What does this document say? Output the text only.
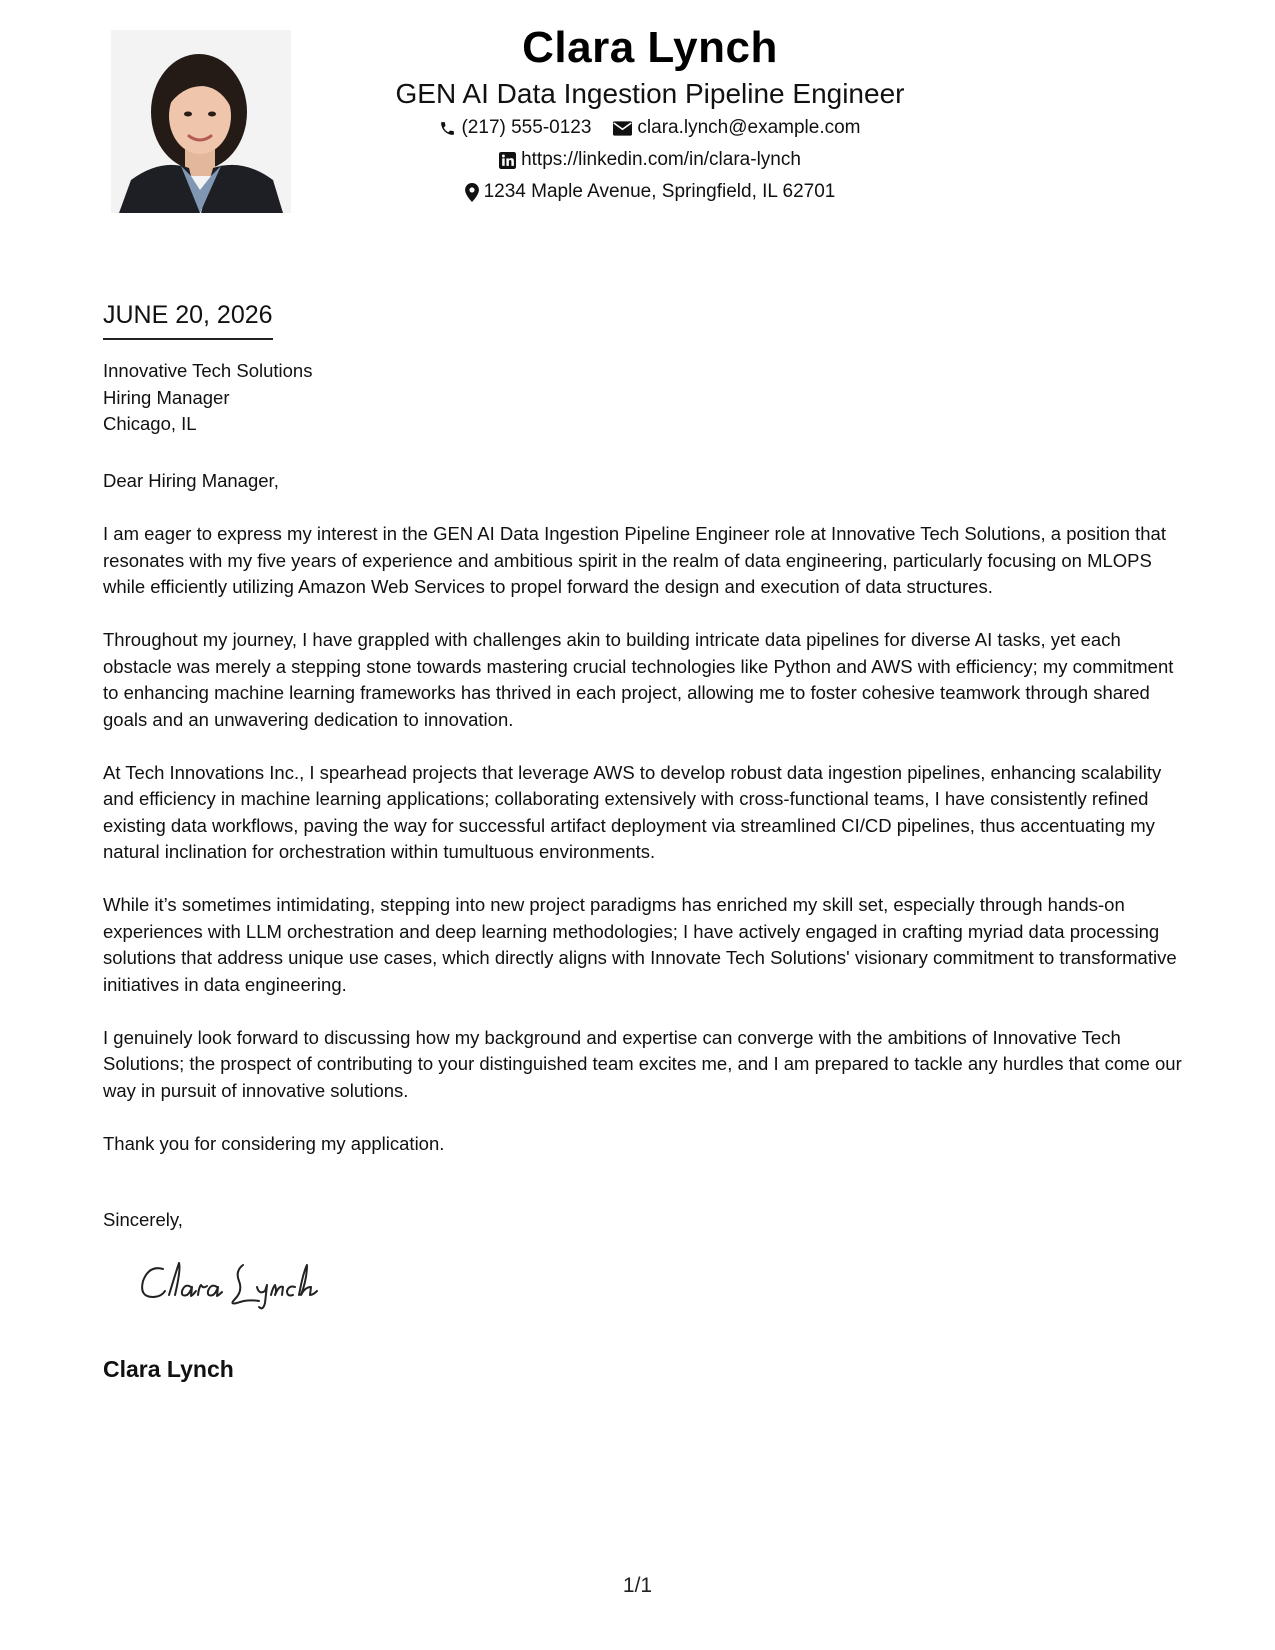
Clara Lynch
GEN AI Data Ingestion Pipeline Engineer
(217) 555-0123 clara.lynch@example.com
https://linkedin.com/in/clara-lynch
1234 Maple Avenue, Springfield, IL 62701
JUNE 20, 2026
Innovative Tech Solutions
Hiring Manager
Chicago, IL

Dear Hiring Manager,

I am eager to express my interest in the GEN AI Data Ingestion Pipeline Engineer role at Innovative Tech Solutions, a position that resonates with my five years of experience and ambitious spirit in the realm of data engineering, particularly focusing on MLOPS while efficiently utilizing Amazon Web Services to propel forward the design and execution of data structures.

Throughout my journey, I have grappled with challenges akin to building intricate data pipelines for diverse AI tasks, yet each obstacle was merely a stepping stone towards mastering crucial technologies like Python and AWS with efficiency; my commitment to enhancing machine learning frameworks has thrived in each project, allowing me to foster cohesive teamwork through shared goals and an unwavering dedication to innovation.

At Tech Innovations Inc., I spearhead projects that leverage AWS to develop robust data ingestion pipelines, enhancing scalability and efficiency in machine learning applications; collaborating extensively with cross-functional teams, I have consistently refined existing data workflows, paving the way for successful artifact deployment via streamlined CI/CD pipelines, thus accentuating my natural inclination for orchestration within tumultuous environments.

While it’s sometimes intimidating, stepping into new project paradigms has enriched my skill set, especially through hands-on experiences with LLM orchestration and deep learning methodologies; I have actively engaged in crafting myriad data processing solutions that address unique use cases, which directly aligns with Innovate Tech Solutions' visionary commitment to transformative initiatives in data engineering.

I genuinely look forward to discussing how my background and expertise can converge with the ambitions of Innovative Tech Solutions; the prospect of contributing to your distinguished team excites me, and I am prepared to tackle any hurdles that come our way in pursuit of innovative solutions.

Thank you for considering my application.

Sincerely,
Clara Lynch
1/1
